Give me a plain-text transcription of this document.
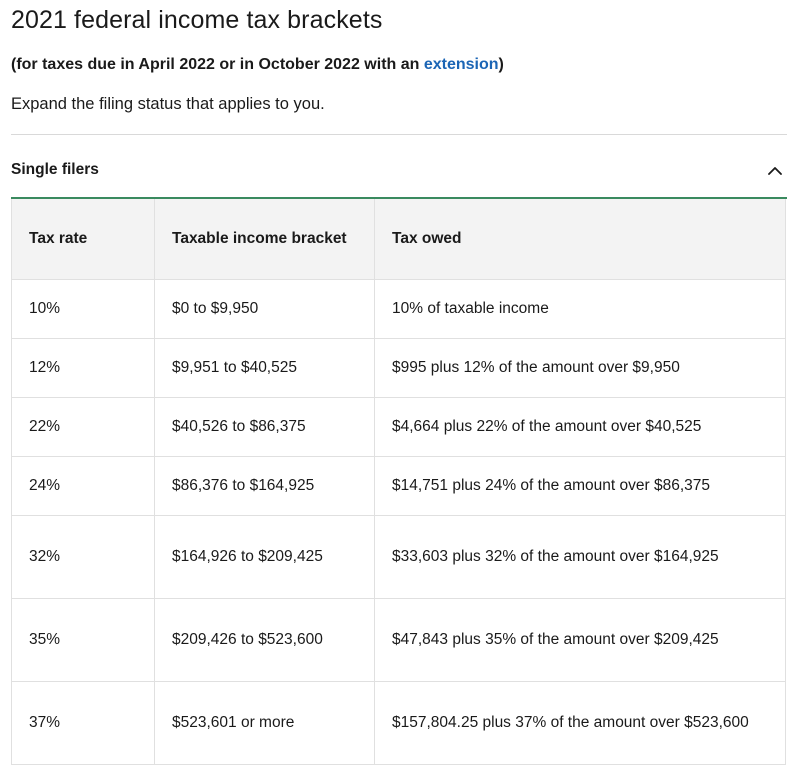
2021 federal income tax brackets

(for taxes due in April 2022 or in October 2022 with an extension)

Expand the filing status that applies to you.

Single filers
Tax rate	Taxable income bracket	Tax owed
10%	$0 to $9,950	10% of taxable income
12%	$9,951 to $40,525	$995 plus 12% of the amount over $9,950
22%	$40,526 to $86,375	$4,664 plus 22% of the amount over $40,525
24%	$86,376 to $164,925	$14,751 plus 24% of the amount over $86,375
32%	$164,926 to $209,425	$33,603 plus 32% of the amount over $164,925
35%	$209,426 to $523,600	$47,843 plus 35% of the amount over $209,425
37%	$523,601 or more	$157,804.25 plus 37% of the amount over $523,600
